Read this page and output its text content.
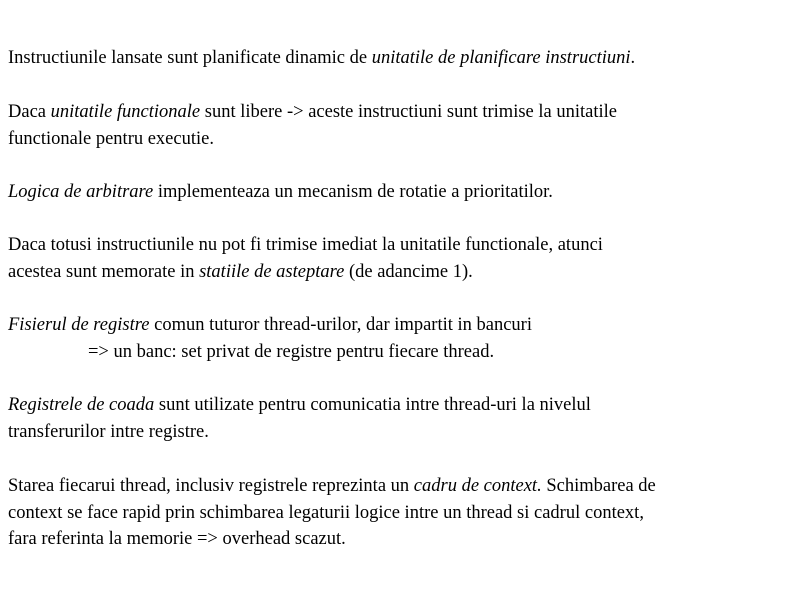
Instructiunile lansate sunt planificate dinamic de unitatile de planificare instructiuni.
Daca unitatile functionale sunt libere -> aceste instructiuni sunt trimise la unitatile
functionale pentru executie.
Logica de arbitrare implementeaza un mecanism de rotatie a prioritatilor.
Daca totusi instructiunile nu pot fi trimise imediat la unitatile functionale, atunci
acestea sunt memorate in statiile de asteptare (de adancime 1).
Fisierul de registre comun tuturor thread-urilor, dar impartit in bancuri
=> un banc: set privat de registre pentru fiecare thread.
Registrele de coada sunt utilizate pentru comunicatia intre thread-uri la nivelul
transferurilor intre registre.
Starea fiecarui thread, inclusiv registrele reprezinta un cadru de context. Schimbarea de
context se face rapid prin schimbarea legaturii logice intre un thread si cadrul context,
fara referinta la memorie => overhead scazut.
